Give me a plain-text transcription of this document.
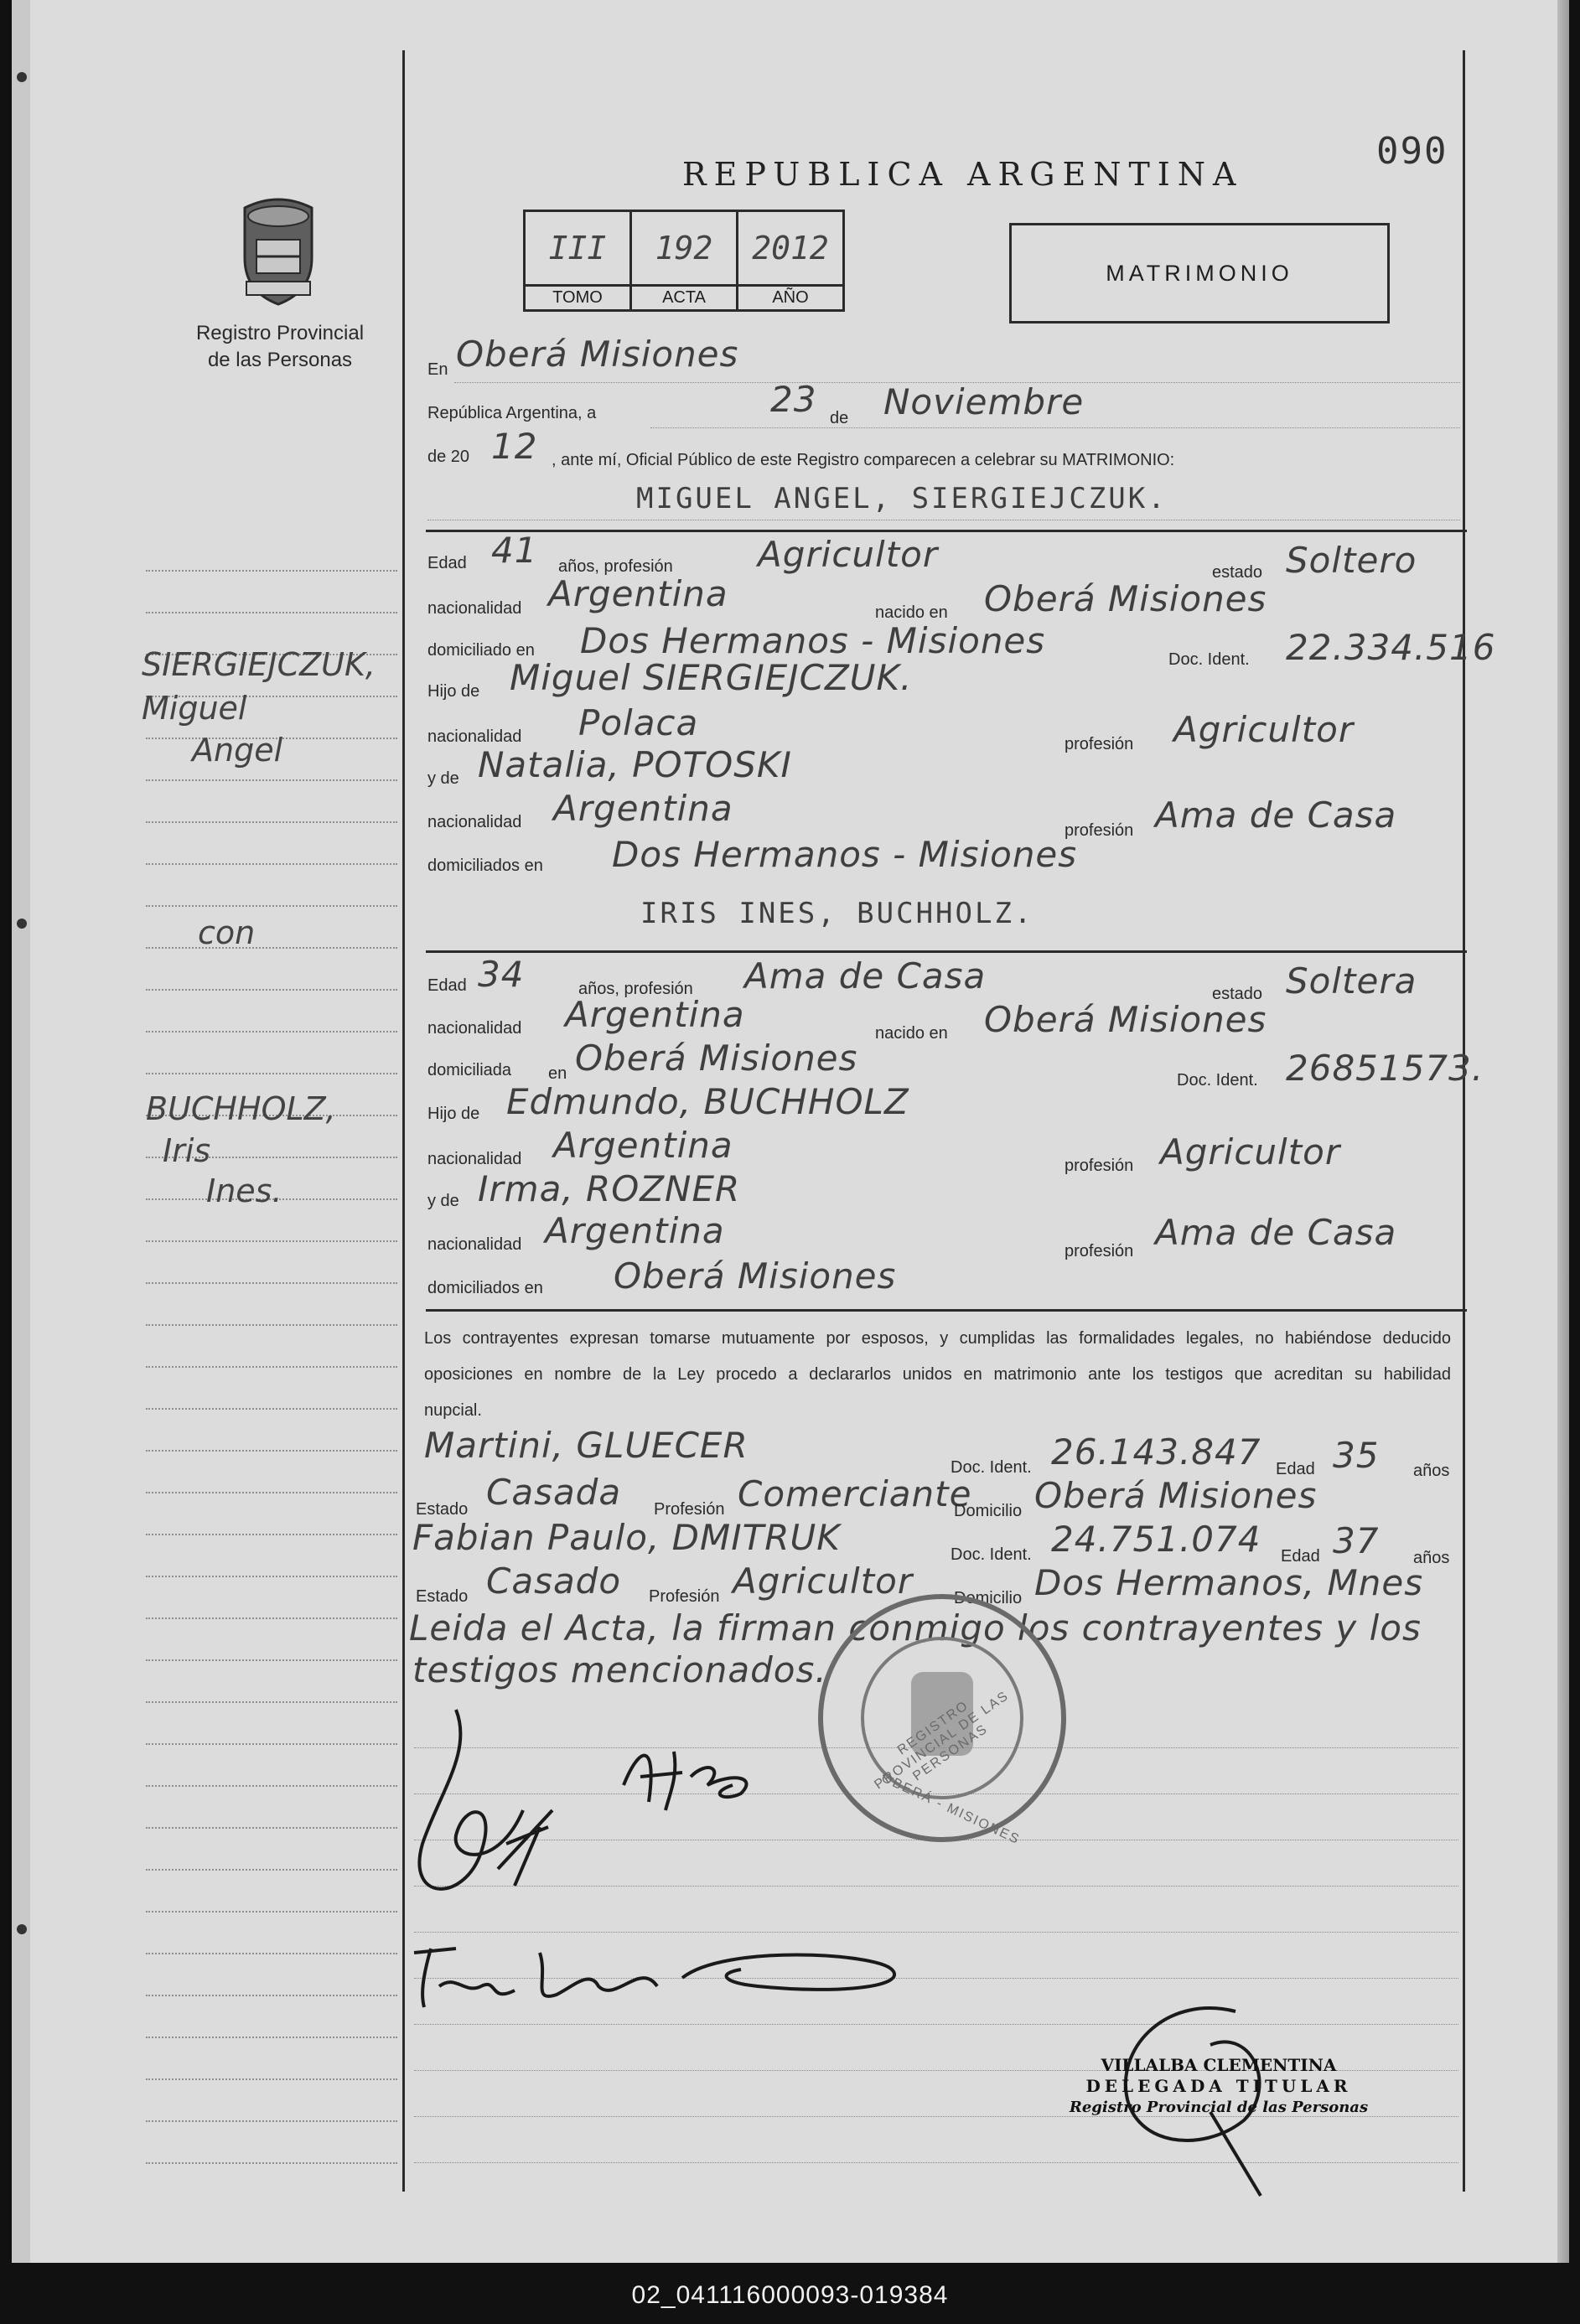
090
REPUBLICA ARGENTINA
Registro Provincial
de las Personas
III
TOMO
192
ACTA
2012
AÑO
MATRIMONIO
En Oberá Misiones
República Argentina, a	23 de Noviembre
de 20 12 , ante mí, Oficial Público de este Registro comparecen a celebrar su MATRIMONIO:
MIGUEL ANGEL, SIERGIEJCZUK.
Edad 41 años, profesión Agricultor	estado Soltero
nacionalidad Argentina	nacido en Oberá Misiones
domiciliado en Dos Hermanos - Misiones	Doc. Ident. 22.334.516
Hijo de Miguel SIERGIEJCZUK.
nacionalidad Polaca
profesión Agricultor
y de Natalia, POTOSKI
nacionalidad Argentina
profesión Ama de Casa
domiciliados en Dos Hermanos - Misiones
IRIS INES, BUCHHOLZ.
Edad 34	años, profesión Ama de Casa	estado Soltera
nacionalidad Argentina	nacido en Oberá Misiones
domiciliada en Oberá Misiones
Doc. Ident. 26851573.
Hijo de Edmundo, BUCHHOLZ
nacionalidad Argentina	profesión Agricultor
y de Irma, ROZNER
nacionalidad Argentina	profesión Ama de Casa
domiciliados en Oberá Misiones

Los contrayentes expresan tomarse mutuamente por esposos, y cumplidas las formalidades legales, no habiéndose deducido oposiciones en nombre de la Ley procedo a declararlos unidos en matrimonio ante los testigos que acreditan su habilidad nupcial.

Martini, GLUECER
Doc. Ident. 26.143.847 Edad 35 años
Estado Casada Profesión Comerciante
Domicilio Oberá Misiones
Fabian Paulo, DMITRUK	Doc. Ident. 24.751.074 Edad 37 años
Estado Casado Profesión Agricultor Domicilio Dos Hermanos, Mnes
Leida el Acta, la firman conmigo los contrayentes y los
testigos mencionados.
REGISTRO PROVINCIAL DE LAS PERSONAS
OBERÁ - MISIONES
VILLALBA CLEMENTINA
DELEGADA TITULAR
Registro Provincial de las Personas
SIERGIEJCZUK,
Miguel
Angel
con
BUCHHOLZ,
Iris
Ines.
02_041116000093-019384
